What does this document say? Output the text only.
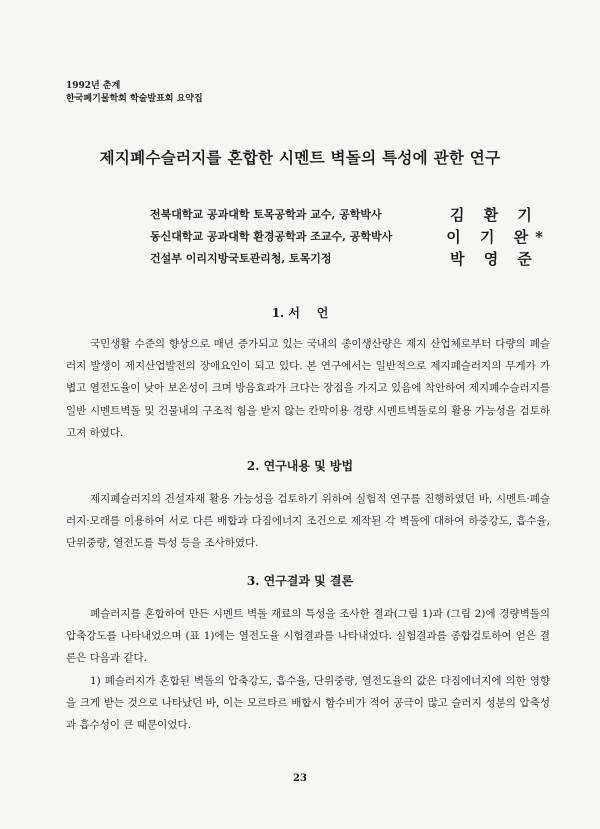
1992년 춘계
한국폐기물학회 학술발표회 요약집
제지폐수슬러지를 혼합한 시멘트 벽돌의 특성에 관한 연구
전북대학교 공과대학 토목공학과 교수, 공학박사	김 환 기
동신대학교 공과대학 환경공학과 조교수, 공학박사	이 기 완*
건설부 이리지방국토관리청, 토목기정	박 영 준
1. 서    언

국민생활 수준의 향상으로 매년 증가되고 있는 국내의 종이생산량은 제지 산업체로부터 다량의 폐슬러지 발생이 제지산업발전의 장애요인이 되고 있다. 본 연구에서는 일반적으로 제지폐슬러지의 무게가 가볍고 열전도율이 낮아 보온성이 크며 방음효과가 크다는 장점을 가지고 있음에 착안하여 제지폐수슬러지를 일반 시멘트벽돌 및 건물내의 구조적 힘을 받지 않는 칸막이용 경량 시멘트벽돌로의 활용 가능성을 검토하고져 하였다.

2. 연구내용 및 방법

제지폐슬러지의 건설자재 활용 가능성을 검토하기 위하여 실험적 연구를 진행하였던 바, 시멘트·폐슬러지·모래를 이용하여 서로 다른 배합과 다짐에너지 조건으로 제작된 각 벽돌에 대하여 하중강도, 흡수율, 단위중량, 열전도를 특성 등을 조사하였다.

3. 연구결과 및 결론

폐슬러지를 혼합하여 만든 시멘트 벽돌 재료의 특성을 조사한 결과(그림 1)과 (그림 2)에 경량벽돌의 압축강도를 나타내었으며 (표 1)에는 열전도율 시험결과를 나타내었다. 실험결과를 종합검토하여 얻은 결론은 다음과 같다.

1) 폐슬러지가 혼합된 벽돌의 압축강도, 흡수율, 단위중량, 열전도율의 값은 다짐에너지에 의한 영향을 크게 받는 것으로 나타났던 바, 이는 모르타르 배합시 함수비가 적어 공극이 많고 슬러지 성분의 압축성과 흡수성이 큰 때문이었다.

23
